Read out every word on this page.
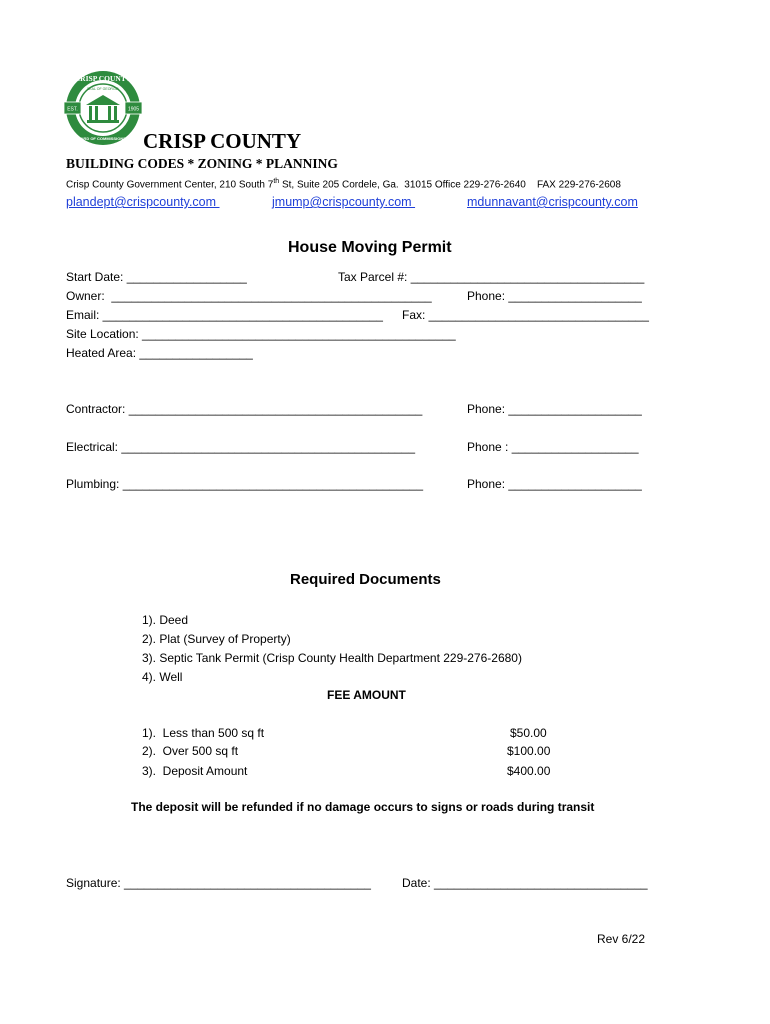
EST.	1905
CRISP COUNTY
SEAL OF GEORGIA
BOARD OF COMMISSIONERS CRISP COUNTY
BUILDING CODES * ZONING * PLANNING
Crisp County Government Center, 210 South 7th St, Suite 205 Cordele, Ga.  31015 Office 229-276-2640    FAX 229-276-2608
plandept@crispcounty.com	jmump@crispcounty.com	mdunnavant@crispcounty.com
House Moving Permit
Start Date: __________________	Tax Parcel #: ___________________________________
Owner:  ________________________________________________	Phone: ____________________
Email: __________________________________________ Fax: _________________________________
Site Location: _______________________________________________
Heated Area: _________________
Contractor: ____________________________________________	Phone: ____________________
Electrical: ____________________________________________	Phone : ___________________
Plumbing: _____________________________________________	Phone: ____________________
Required Documents
1). Deed
2). Plat (Survey of Property)
3). Septic Tank Permit (Crisp County Health Department 229-276-2680)
4). Well
FEE AMOUNT
1).  Less than 500 sq ft	$50.00
2).  Over 500 sq ft	$100.00
3).  Deposit Amount	$400.00
The deposit will be refunded if no damage occurs to signs or roads during transit
Signature: _____________________________________	Date: ________________________________
Rev 6/22
